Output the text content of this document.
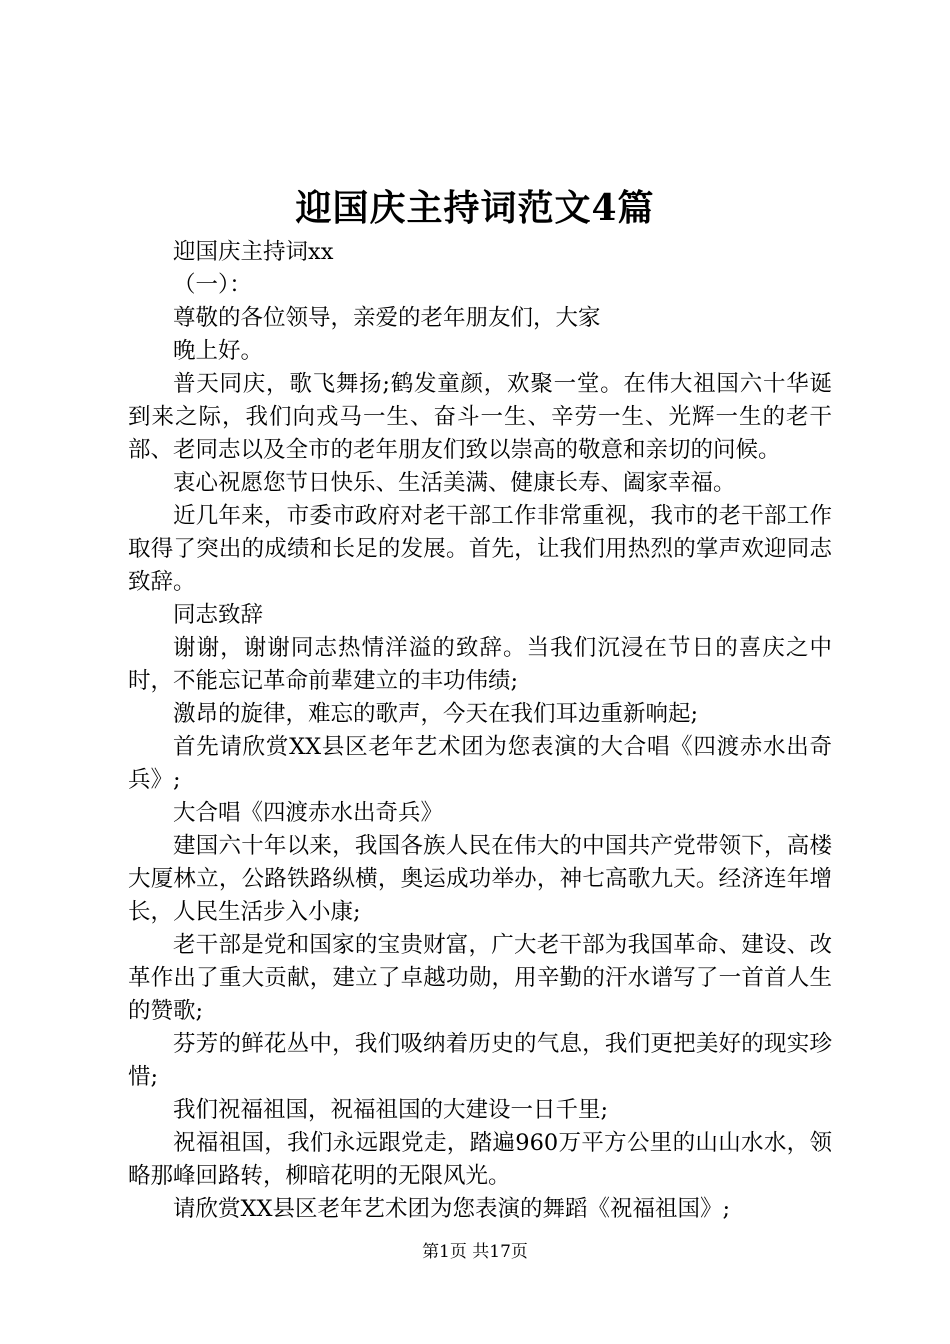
迎国庆主持词范文4篇

迎国庆主持词xx

（一）：

尊敬的各位领导，亲爱的老年朋友们，大家

晚上好。

普天同庆，歌飞舞扬;鹤发童颜，欢聚一堂。在伟大祖国六十华诞到来之际，我们向戎马一生、奋斗一生、辛劳一生、光辉一生的老干部、老同志以及全市的老年朋友们致以崇高的敬意和亲切的问候。

衷心祝愿您节日快乐、生活美满、健康长寿、阖家幸福。

近几年来，市委市政府对老干部工作非常重视，我市的老干部工作取得了突出的成绩和长足的发展。首先，让我们用热烈的掌声欢迎同志致辞。

同志致辞

谢谢，谢谢同志热情洋溢的致辞。当我们沉浸在节日的喜庆之中时，不能忘记革命前辈建立的丰功伟绩;

激昂的旋律，难忘的歌声，今天在我们耳边重新响起;

首先请欣赏XX县区老年艺术团为您表演的大合唱《四渡赤水出奇兵》;

大合唱《四渡赤水出奇兵》

建国六十年以来，我国各族人民在伟大的中国共产党带领下，高楼大厦林立，公路铁路纵横，奥运成功举办，神七高歌九天。经济连年增长，人民生活步入小康;

老干部是党和国家的宝贵财富，广大老干部为我国革命、建设、改革作出了重大贡献，建立了卓越功勋，用辛勤的汗水谱写了一首首人生的赞歌;

芬芳的鲜花丛中，我们吸纳着历史的气息，我们更把美好的现实珍惜;

我们祝福祖国，祝福祖国的大建设一日千里;

祝福祖国，我们永远跟党走，踏遍960万平方公里的山山水水，领略那峰回路转，柳暗花明的无限风光。

请欣赏XX县区老年艺术团为您表演的舞蹈《祝福祖国》;

第1页 共17页
